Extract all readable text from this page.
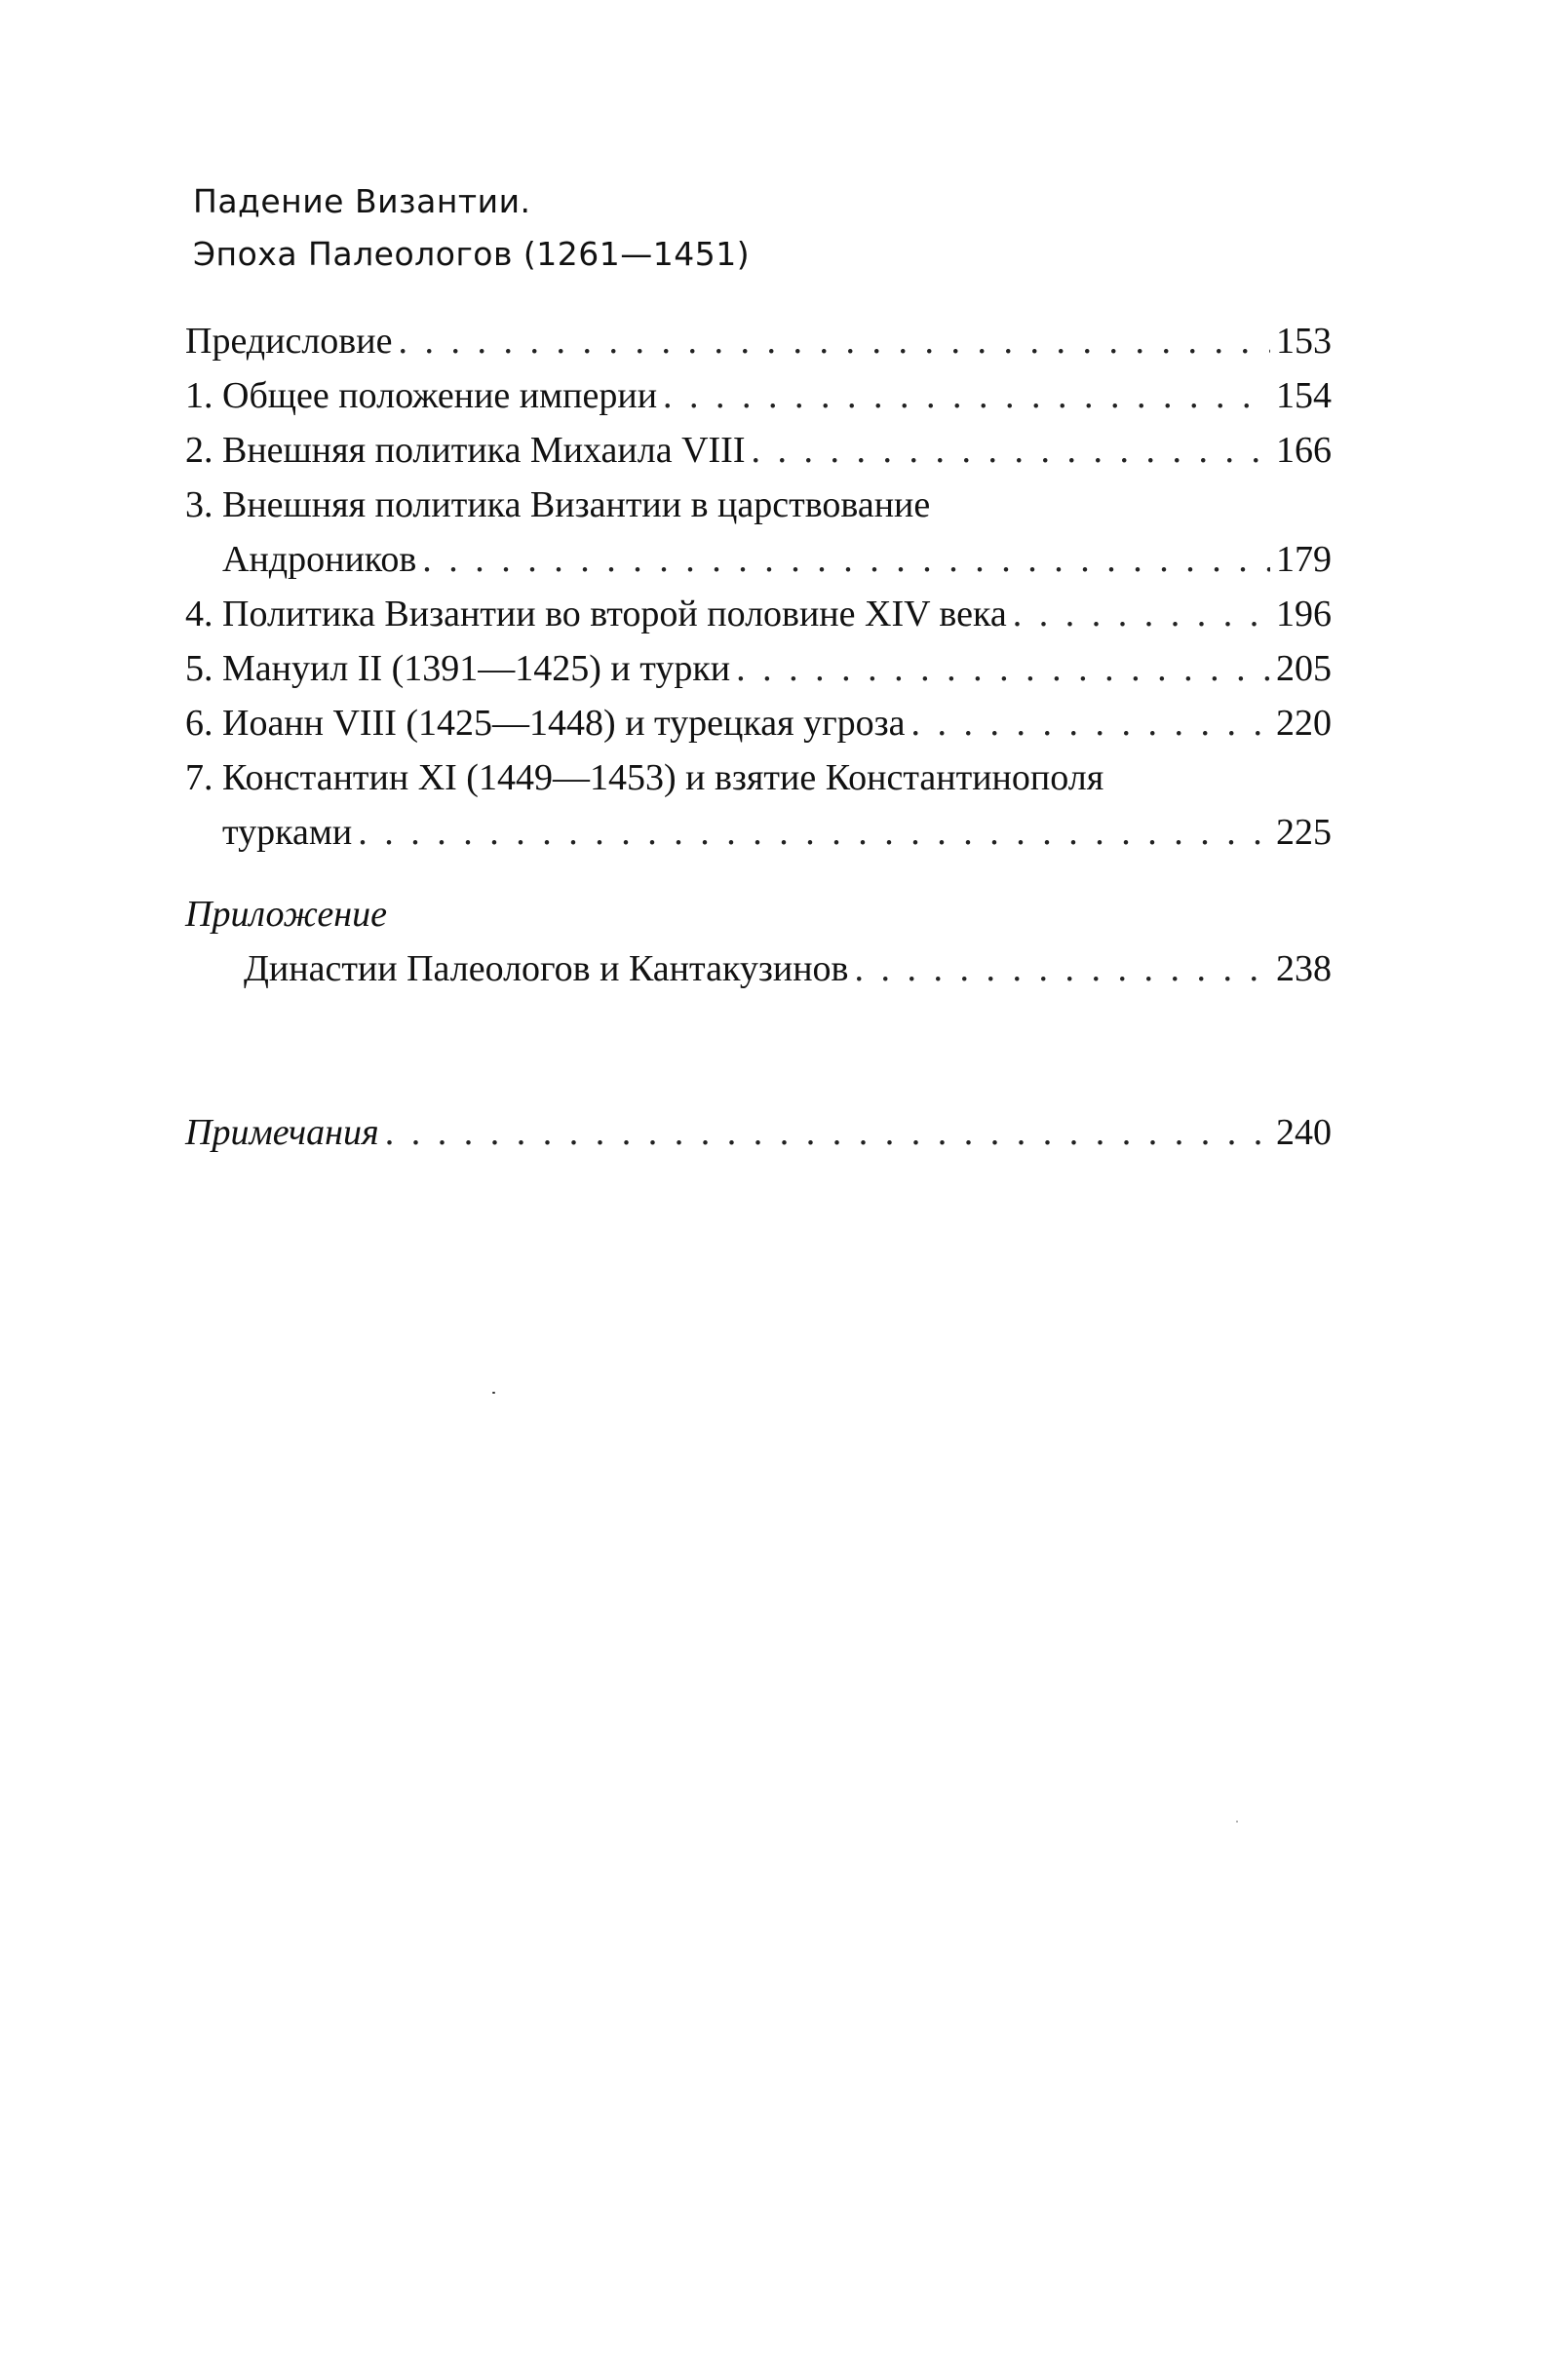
Падение Византии.
Эпоха Палеологов (1261—1451)
Предисловие . . .	153
1. Общее положение империи . . .	154
2. Внешняя политика Михаила VIII . . .	166
3. Внешняя политика Византии в царствование
Андроников . . .	179
4. Политика Византии во второй половине XIV века . . .	196
5. Мануил II (1391—1425) и турки . . .	205
6. Иоанн VIII (1425—1448) и турецкая угроза . . .	220
7. Константин XI (1449—1453) и взятие Константинополя
турками . . .	225
Приложение
Династии Палеологов и Кантакузинов . . .	238
Примечания . . .	240
